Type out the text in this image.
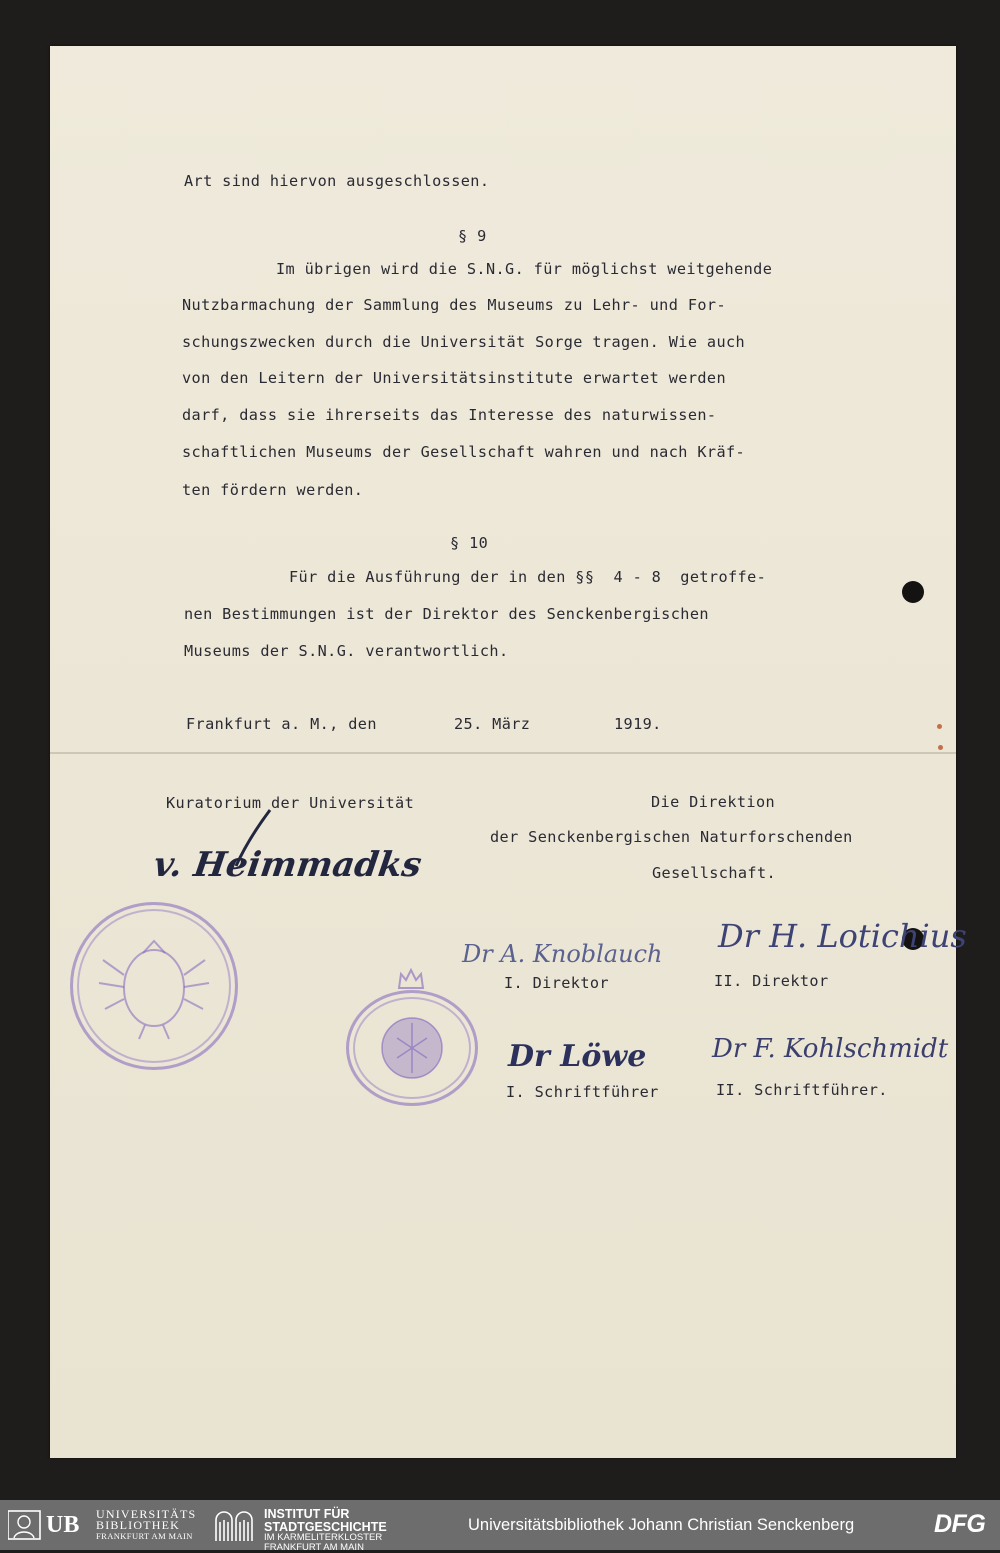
Art sind hiervon ausgeschlossen.
§ 9
Im übrigen wird die S.N.G. für möglichst weitgehende
Nutzbarmachung der Sammlung des Museums zu Lehr- und For-
schungszwecken durch die Universität Sorge tragen. Wie auch
von den Leitern der Universitätsinstitute erwartet werden
darf, dass sie ihrerseits das Interesse des naturwissen-
schaftlichen Museums der Gesellschaft wahren und nach Kräf-
ten fördern werden.
§ 10
Für die Ausführung der in den §§  4 - 8  getroffe-
nen Bestimmungen ist der Direktor des Senckenbergischen
Museums der S.N.G. verantwortlich.
Frankfurt a. M., den	25. März	1919.
Kuratorium der Universität	Die Direktion
der Senckenbergischen Naturforschenden
Gesellschaft.
I. Direktor	II. Direktor
I. Schriftführer	II. Schriftführer.
v. Heimmadks
Dr A. Knoblauch Dr H. Lotichius
Dr Löwe	Dr F. Kohlschmidt
UB UNIVERSITÄTS
BIBLIOTHEK
FRANKFURT AM MAIN
INSTITUT FÜR
STADTGESCHICHTE
IM KARMELITERKLOSTER
FRANKFURT AM MAIN
Universitätsbibliothek Johann Christian Senckenberg	DFG
